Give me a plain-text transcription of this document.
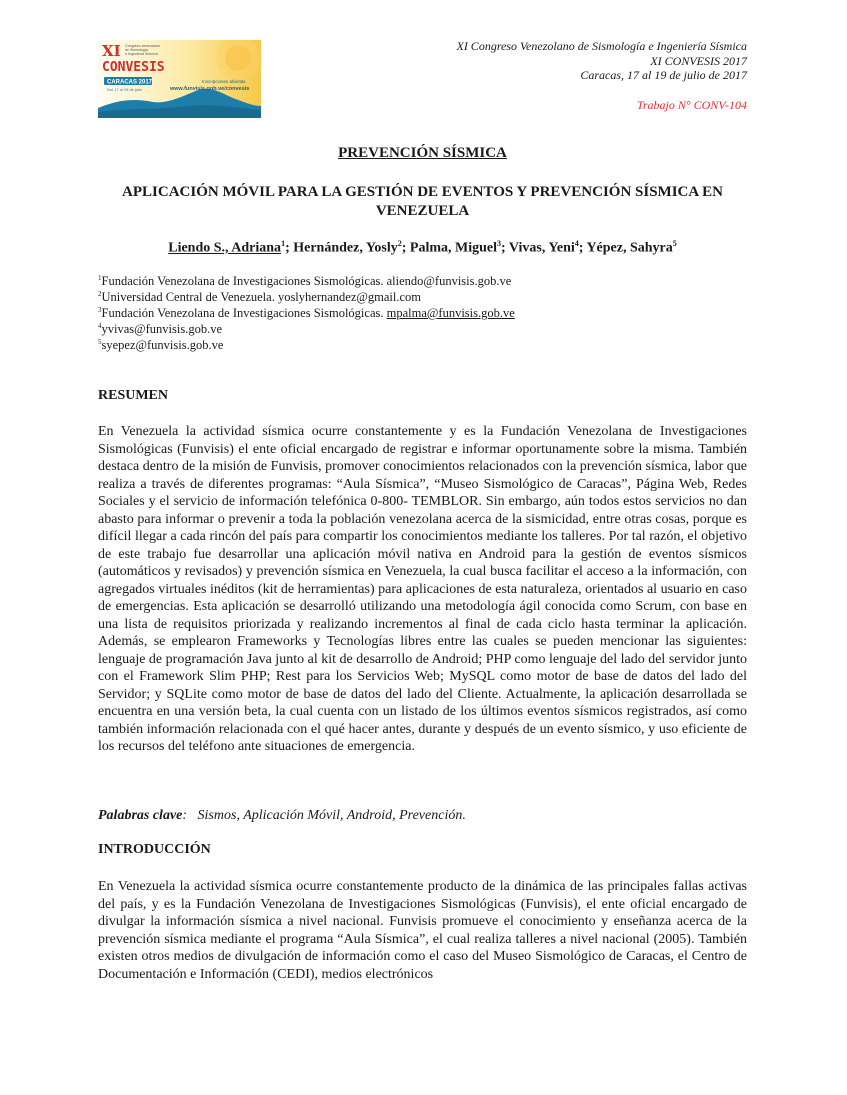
XI
CONVESIS
Congreso venezolano
de Sismología
e Ingeniería Sísmica
CARACAS 2017
Del 17 al 19 de julio
Inscripciones abiertas
www.funvisis.gob.ve/convesis
XI Congreso Venezolano de Sismología e Ingeniería Sísmica
XI CONVESIS 2017
Caracas, 17 al 19 de julio de 2017
Trabajo N° CONV-104
PREVENCIÓN SÍSMICA
APLICACIÓN MÓVIL PARA LA GESTIÓN DE EVENTOS Y PREVENCIÓN SÍSMICA EN VENEZUELA
Liendo S., Adriana$^1$; Hernández, Yosly$^2$; Palma, Miguel$^3$; Vivas, Yeni$^4$; Yépez, Sahyra$^5$
$^1$Fundación Venezolana de Investigaciones Sismológicas. aliendo@funvisis.gob.ve
$^2$Universidad Central de Venezuela. yoslyhernandez@gmail.com
$^3$Fundación Venezolana de Investigaciones Sismológicas. mpalma@funvisis.gob.ve
$^4$yvivas@funvisis.gob.ve
$^5$syepez@funvisis.gob.ve
RESUMEN
En Venezuela la actividad sísmica ocurre constantemente y es la Fundación Venezolana de Investigaciones Sismológicas (Funvisis) el ente oficial encargado de registrar e informar oportunamente sobre la misma. También destaca dentro de la misión de Funvisis, promover conocimientos relacionados con la prevención sísmica, labor que realiza a través de diferentes programas: “Aula Sísmica”, “Museo Sismológico de Caracas”, Página Web, Redes Sociales y el servicio de información telefónica 0-800- TEMBLOR. Sin embargo, aún todos estos servicios no dan abasto para informar o prevenir a toda la población venezolana acerca de la sismicidad, entre otras cosas, porque es difícil llegar a cada rincón del país para compartir los conocimientos mediante los talleres. Por tal razón, el objetivo de este trabajo fue desarrollar una aplicación móvil nativa en Android para la gestión de eventos sísmicos (automáticos y revisados) y prevención sísmica en Venezuela, la cual busca facilitar el acceso a la información, con agregados virtuales inéditos (kit de herramientas) para aplicaciones de esta naturaleza, orientados al usuario en caso de emergencias. Esta aplicación se desarrolló utilizando una metodología ágil conocida como Scrum, con base en una lista de requisitos priorizada y realizando incrementos al final de cada ciclo hasta terminar la aplicación. Además, se emplearon Frameworks y Tecnologías libres entre las cuales se pueden mencionar las siguientes: lenguaje de programación Java junto al kit de desarrollo de Android; PHP como lenguaje del lado del servidor junto con el Framework Slim PHP; Rest para los Servicios Web; MySQL como motor de base de datos del lado del Servidor; y SQLite como motor de base de datos del lado del Cliente. Actualmente, la aplicación desarrollada se encuentra en una versión beta, la cual cuenta con un listado de los últimos eventos sísmicos registrados, así como también información relacionada con el qué hacer antes, durante y después de un evento sísmico, y uso eficiente de los recursos del teléfono ante situaciones de emergencia.
Palabras clave:   Sismos, Aplicación Móvil, Android, Prevención.
INTRODUCCIÓN
En Venezuela la actividad sísmica ocurre constantemente producto de la dinámica de las principales fallas activas del país, y es la Fundación Venezolana de Investigaciones Sismológicas (Funvisis), el ente oficial encargado de divulgar la información sísmica a nivel nacional. Funvisis promueve el conocimiento y enseñanza acerca de la prevención sísmica mediante el programa “Aula Sísmica”, el cual realiza talleres a nivel nacional (2005). También existen otros medios de divulgación de información como el caso del Museo Sismológico de Caracas, el Centro de Documentación e Información (CEDI), medios electrónicos
